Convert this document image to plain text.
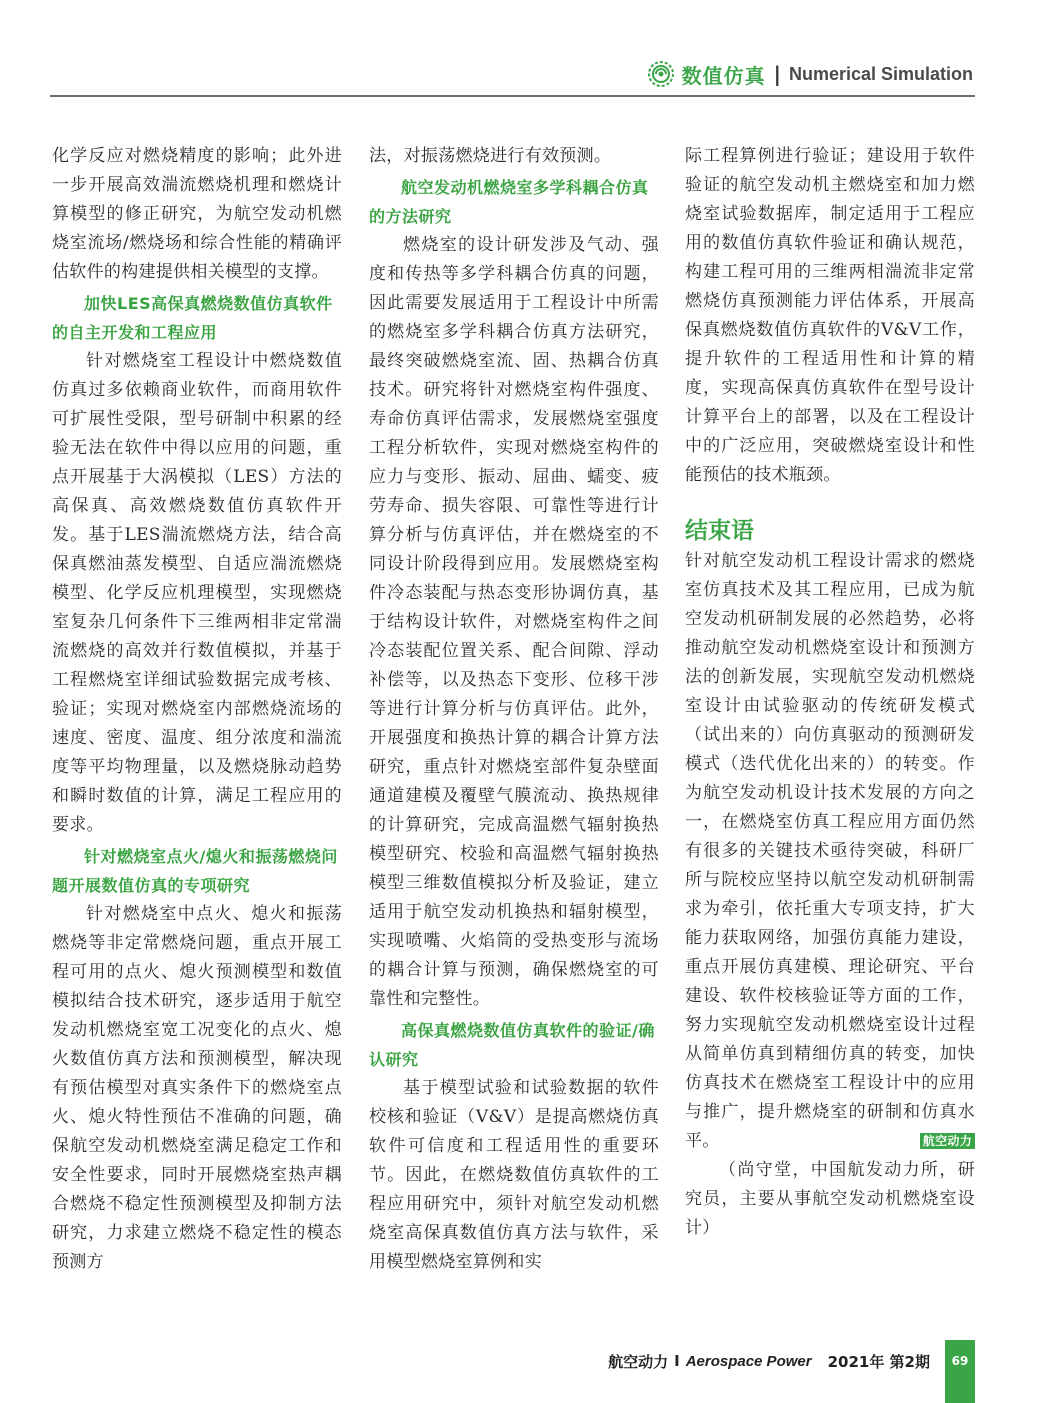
数值仿真 | Numerical Simulation

化学反应对燃烧精度的影响；此外进一步开展高效湍流燃烧机理和燃烧计算模型的修正研究，为航空发动机燃烧室流场/燃烧场和综合性能的精确评估软件的构建提供相关模型的支撑。

加快LES高保真燃烧数值仿真软件的自主开发和工程应用

针对燃烧室工程设计中燃烧数值仿真过多依赖商业软件，而商用软件可扩展性受限，型号研制中积累的经验无法在软件中得以应用的问题，重点开展基于大涡模拟（LES）方法的高保真、高效燃烧数值仿真软件开发。基于LES湍流燃烧方法，结合高保真燃油蒸发模型、自适应湍流燃烧模型、化学反应机理模型，实现燃烧室复杂几何条件下三维两相非定常湍流燃烧的高效并行数值模拟，并基于工程燃烧室详细试验数据完成考核、验证；实现对燃烧室内部燃烧流场的速度、密度、温度、组分浓度和湍流度等平均物理量，以及燃烧脉动趋势和瞬时数值的计算，满足工程应用的要求。

针对燃烧室点火/熄火和振荡燃烧问题开展数值仿真的专项研究

针对燃烧室中点火、熄火和振荡燃烧等非定常燃烧问题，重点开展工程可用的点火、熄火预测模型和数值模拟结合技术研究，逐步适用于航空发动机燃烧室宽工况变化的点火、熄火数值仿真方法和预测模型，解决现有预估模型对真实条件下的燃烧室点火、熄火特性预估不准确的问题，确保航空发动机燃烧室满足稳定工作和安全性要求，同时开展燃烧室热声耦合燃烧不稳定性预测模型及抑制方法研究，力求建立燃烧不稳定性的模态预测方

法，对振荡燃烧进行有效预测。

航空发动机燃烧室多学科耦合仿真的方法研究

燃烧室的设计研发涉及气动、强度和传热等多学科耦合仿真的问题，因此需要发展适用于工程设计中所需的燃烧室多学科耦合仿真方法研究，最终突破燃烧室流、固、热耦合仿真技术。研究将针对燃烧室构件强度、寿命仿真评估需求，发展燃烧室强度工程分析软件，实现对燃烧室构件的应力与变形、振动、屈曲、蠕变、疲劳寿命、损失容限、可靠性等进行计算分析与仿真评估，并在燃烧室的不同设计阶段得到应用。发展燃烧室构件冷态装配与热态变形协调仿真，基于结构设计软件，对燃烧室构件之间冷态装配位置关系、配合间隙、浮动补偿等，以及热态下变形、位移干涉等进行计算分析与仿真评估。此外，开展强度和换热计算的耦合计算方法研究，重点针对燃烧室部件复杂壁面通道建模及覆壁气膜流动、换热规律的计算研究，完成高温燃气辐射换热模型研究、校验和高温燃气辐射换热模型三维数值模拟分析及验证，建立适用于航空发动机换热和辐射模型，实现喷嘴、火焰筒的受热变形与流场的耦合计算与预测，确保燃烧室的可靠性和完整性。

高保真燃烧数值仿真软件的验证/确认研究

基于模型试验和试验数据的软件校核和验证（V&V）是提高燃烧仿真软件可信度和工程适用性的重要环节。因此，在燃烧数值仿真软件的工程应用研究中，须针对航空发动机燃烧室高保真数值仿真方法与软件，采用模型燃烧室算例和实

际工程算例进行验证；建设用于软件验证的航空发动机主燃烧室和加力燃烧室试验数据库，制定适用于工程应用的数值仿真软件验证和确认规范，构建工程可用的三维两相湍流非定常燃烧仿真预测能力评估体系，开展高保真燃烧数值仿真软件的V&V工作，提升软件的工程适用性和计算的精度，实现高保真仿真软件在型号设计计算平台上的部署，以及在工程设计中的广泛应用，突破燃烧室设计和性能预估的技术瓶颈。

结束语

针对航空发动机工程设计需求的燃烧室仿真技术及其工程应用，已成为航空发动机研制发展的必然趋势，必将推动航空发动机燃烧室设计和预测方法的创新发展，实现航空发动机燃烧室设计由试验驱动的传统研发模式（试出来的）向仿真驱动的预测研发模式（迭代优化出来的）的转变。作为航空发动机设计技术发展的方向之一，在燃烧室仿真工程应用方面仍然有很多的关键技术亟待突破，科研厂所与院校应坚持以航空发动机研制需求为牵引，依托重大专项支持，扩大能力获取网络，加强仿真能力建设，重点开展仿真建模、理论研究、平台建设、软件校核验证等方面的工作，努力实现航空发动机燃烧室设计过程从简单仿真到精细仿真的转变，加快仿真技术在燃烧室工程设计中的应用与推广，提升燃烧室的研制和仿真水平。	航空动力

（尚守堂，中国航发动力所，研究员，主要从事航空发动机燃烧室设计）

航空动力 I Aerospace Power 2021年 第2期	69
